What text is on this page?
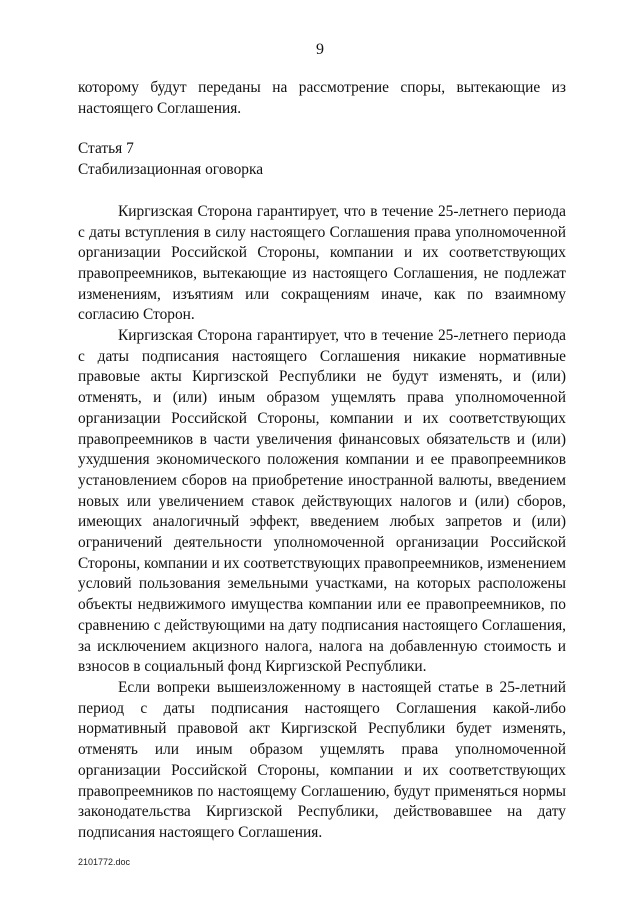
9

которому будут переданы на рассмотрение споры, вытекающие из настоящего Соглашения.

Статья 7

Стабилизационная оговорка

Киргизская Сторона гарантирует, что в течение 25-летнего периода с даты вступления в силу настоящего Соглашения права уполномоченной организации Российской Стороны, компании и их соответствующих правопреемников, вытекающие из настоящего Соглашения, не подлежат изменениям, изъятиям или сокращениям иначе, как по взаимному согласию Сторон.

Киргизская Сторона гарантирует, что в течение 25-летнего периода с даты подписания настоящего Соглашения никакие нормативные правовые акты Киргизской Республики не будут изменять, и (или) отменять, и (или) иным образом ущемлять права уполномоченной организации Российской Стороны, компании и их соответствующих правопреемников в части увеличения финансовых обязательств и (или) ухудшения экономического положения компании и ее правопреемников установлением сборов на приобретение иностранной валюты, введением новых или увеличением ставок действующих налогов и (или) сборов, имеющих аналогичный эффект, введением любых запретов и (или) ограничений деятельности уполномоченной организации Российской Стороны, компании и их соответствующих правопреемников, изменением условий пользования земельными участками, на которых расположены объекты недвижимого имущества компании или ее правопреемников, по сравнению с действующими на дату подписания настоящего Соглашения, за исключением акцизного налога, налога на добавленную стоимость и взносов в социальный фонд Киргизской Республики.

Если вопреки вышеизложенному в настоящей статье в 25-летний период с даты подписания настоящего Соглашения какой-либо нормативный правовой акт Киргизской Республики будет изменять, отменять или иным образом ущемлять права уполномоченной организации Российской Стороны, компании и их соответствующих правопреемников по настоящему Соглашению, будут применяться нормы законодательства Киргизской Республики, действовавшее на дату подписания настоящего Соглашения.

2101772.doc
